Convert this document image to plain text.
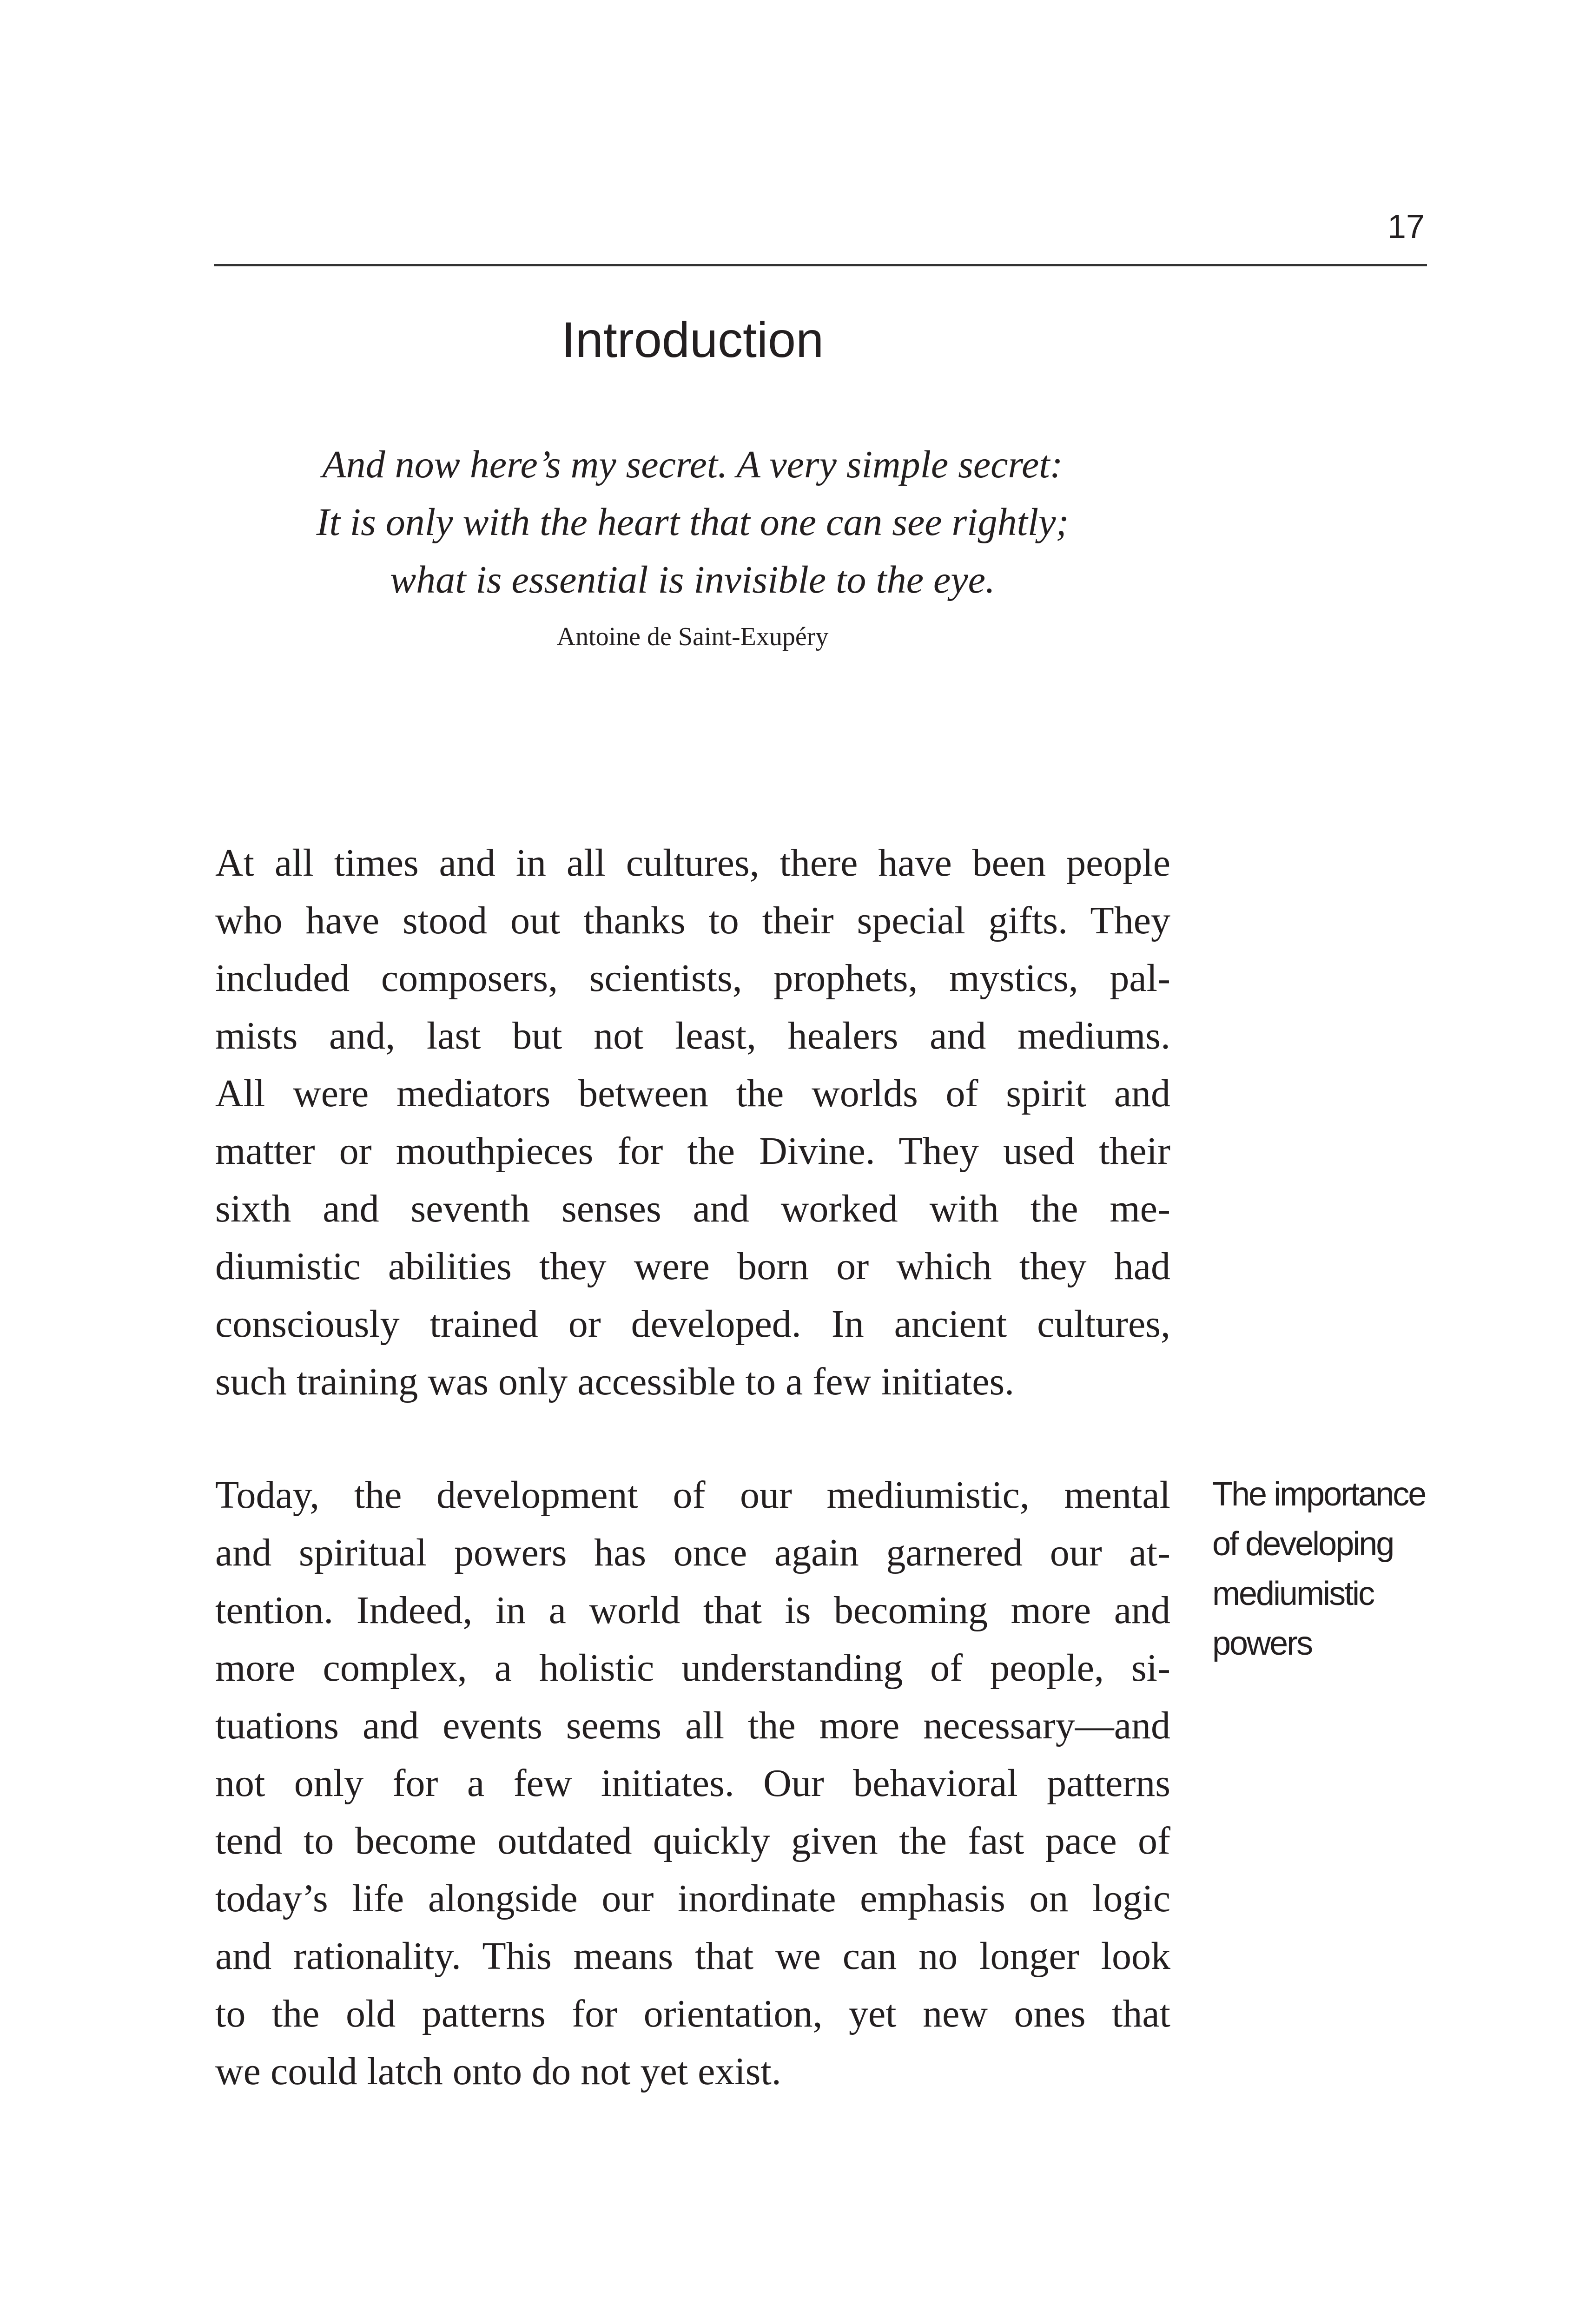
17
Introduction
And now here’s my secret. A very simple secret:
It is only with the heart that one can see rightly;
what is essential is invisible to the eye.
Antoine de Saint-Exupéry
At all times and in all cultures, there have been people
who have stood out thanks to their special gifts. They
included composers, scientists, prophets, mystics, pal-
mists and, last but not least, healers and mediums.
All were mediators between the worlds of spirit and
matter or mouthpieces for the Divine. They used their
sixth and seventh senses and worked with the me-
diumistic abilities they were born or which they had
consciously trained or developed. In ancient cultures,
such training was only accessible to a few initiates.
Today, the development of our mediumistic, mental
and spiritual powers has once again garnered our at-
tention. Indeed, in a world that is becoming more and
more complex, a holistic understanding of people, si-
tuations and events seems all the more necessary—and
not only for a few initiates. Our behavioral patterns
tend to become outdated quickly given the fast pace of
today’s life alongside our inordinate emphasis on logic
and rationality. This means that we can no longer look
to the old patterns for orientation, yet new ones that
we could latch onto do not yet exist.
The importance
of developing
mediumistic
powers
